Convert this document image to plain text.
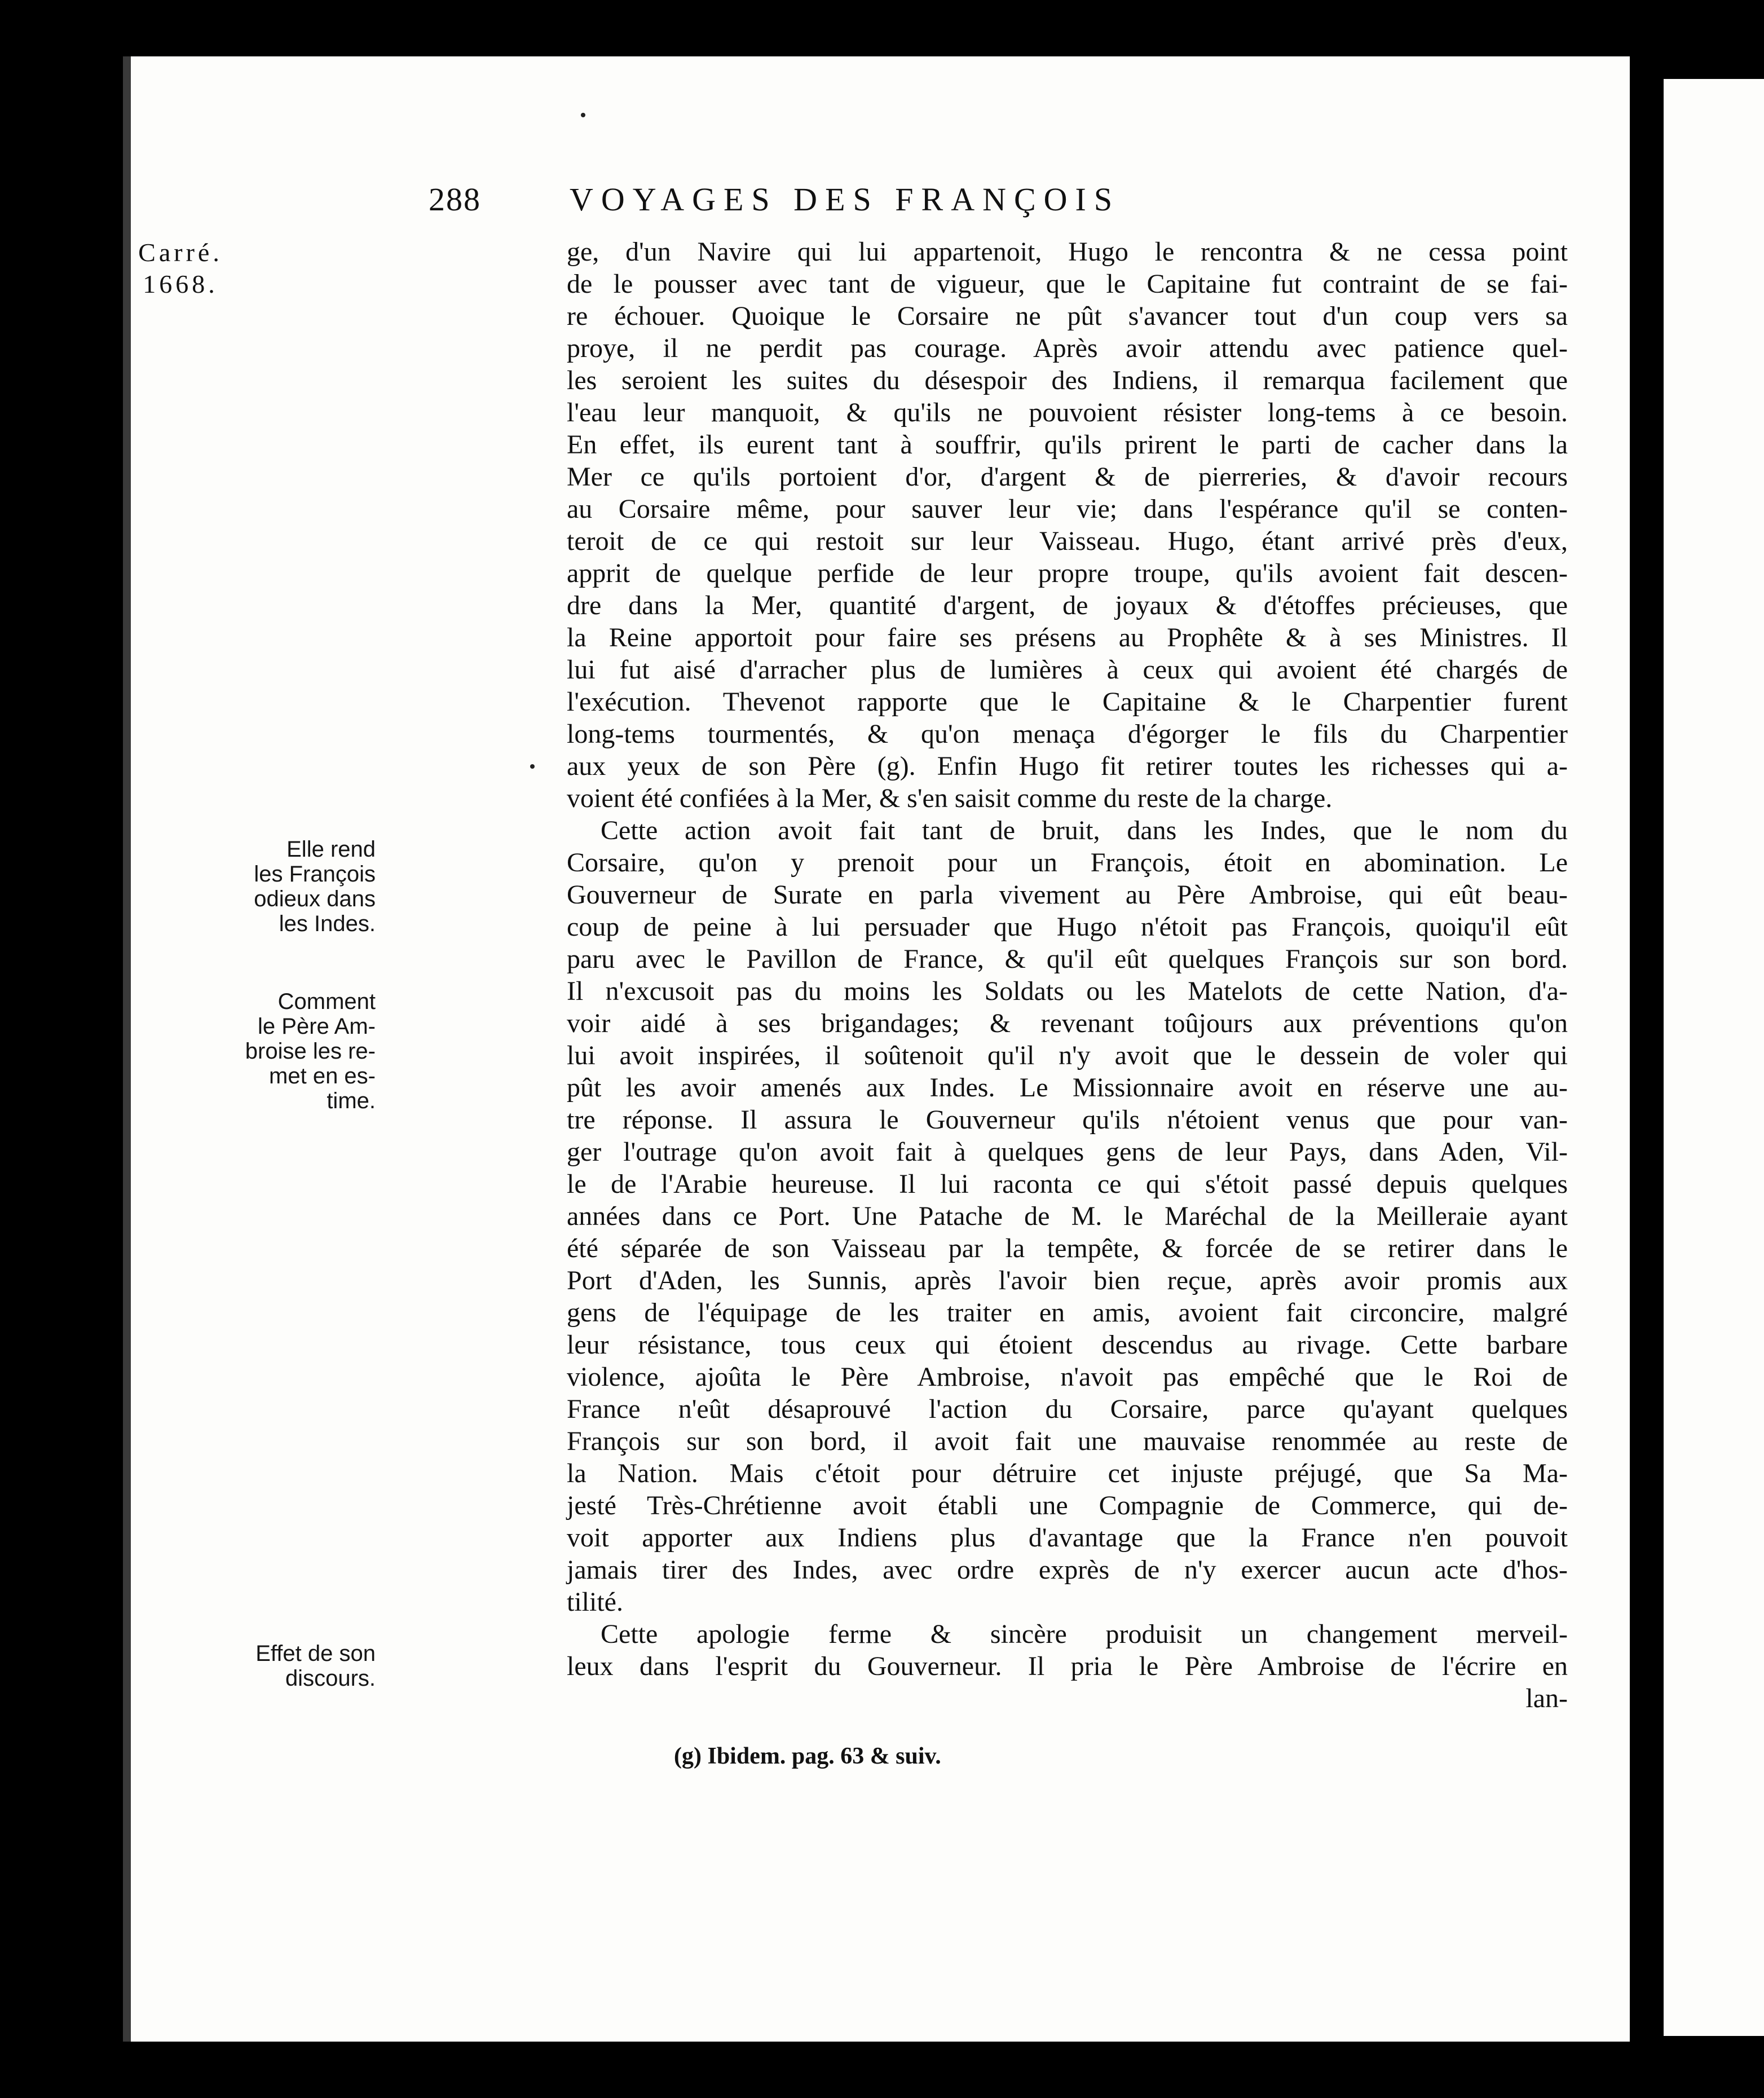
288	VOYAGES DES FRANÇOIS
Carré.
1668.
Elle rend
les François
odieux dans
les Indes.
Comment
le Père Am-
broise les re-
met en es-
time.
Effet de son
discours.
ge, d'un Navire qui lui appartenoit, Hugo le rencontra & ne cessa point
de le pousser avec tant de vigueur, que le Capitaine fut contraint de se fai-
re échouer. Quoique le Corsaire ne pût s'avancer tout d'un coup vers sa
proye, il ne perdit pas courage. Après avoir attendu avec patience quel-
les seroient les suites du désespoir des Indiens, il remarqua facilement que
l'eau leur manquoit, & qu'ils ne pouvoient résister long-tems à ce besoin.
En effet, ils eurent tant à souffrir, qu'ils prirent le parti de cacher dans la
Mer ce qu'ils portoient d'or, d'argent & de pierreries, & d'avoir recours
au Corsaire même, pour sauver leur vie; dans l'espérance qu'il se conten-
teroit de ce qui restoit sur leur Vaisseau. Hugo, étant arrivé près d'eux,
apprit de quelque perfide de leur propre troupe, qu'ils avoient fait descen-
dre dans la Mer, quantité d'argent, de joyaux & d'étoffes précieuses, que
la Reine apportoit pour faire ses présens au Prophête & à ses Ministres. Il
lui fut aisé d'arracher plus de lumières à ceux qui avoient été chargés de
l'exécution. Thevenot rapporte que le Capitaine & le Charpentier furent
long-tems tourmentés, & qu'on menaça d'égorger le fils du Charpentier
aux yeux de son Père (g). Enfin Hugo fit retirer toutes les richesses qui a-
voient été confiées à la Mer, & s'en saisit comme du reste de la charge.
Cette action avoit fait tant de bruit, dans les Indes, que le nom du
Corsaire, qu'on y prenoit pour un François, étoit en abomination. Le
Gouverneur de Surate en parla vivement au Père Ambroise, qui eût beau-
coup de peine à lui persuader que Hugo n'étoit pas François, quoiqu'il eût
paru avec le Pavillon de France, & qu'il eût quelques François sur son bord.
Il n'excusoit pas du moins les Soldats ou les Matelots de cette Nation, d'a-
voir aidé à ses brigandages; & revenant toûjours aux préventions qu'on
lui avoit inspirées, il soûtenoit qu'il n'y avoit que le dessein de voler qui
pût les avoir amenés aux Indes. Le Missionnaire avoit en réserve une au-
tre réponse. Il assura le Gouverneur qu'ils n'étoient venus que pour van-
ger l'outrage qu'on avoit fait à quelques gens de leur Pays, dans Aden, Vil-
le de l'Arabie heureuse. Il lui raconta ce qui s'étoit passé depuis quelques
années dans ce Port. Une Patache de M. le Maréchal de la Meilleraie ayant
été séparée de son Vaisseau par la tempête, & forcée de se retirer dans le
Port d'Aden, les Sunnis, après l'avoir bien reçue, après avoir promis aux
gens de l'équipage de les traiter en amis, avoient fait circoncire, malgré
leur résistance, tous ceux qui étoient descendus au rivage. Cette barbare
violence, ajoûta le Père Ambroise, n'avoit pas empêché que le Roi de
France n'eût désaprouvé l'action du Corsaire, parce qu'ayant quelques
François sur son bord, il avoit fait une mauvaise renommée au reste de
la Nation. Mais c'étoit pour détruire cet injuste préjugé, que Sa Ma-
jesté Très-Chrétienne avoit établi une Compagnie de Commerce, qui de-
voit apporter aux Indiens plus d'avantage que la France n'en pouvoit
jamais tirer des Indes, avec ordre exprès de n'y exercer aucun acte d'hos-
tilité.
Cette apologie ferme & sincère produisit un changement merveil-
leux dans l'esprit du Gouverneur. Il pria le Père Ambroise de l'écrire en
lan-
(g) Ibidem. pag. 63 & suiv.
